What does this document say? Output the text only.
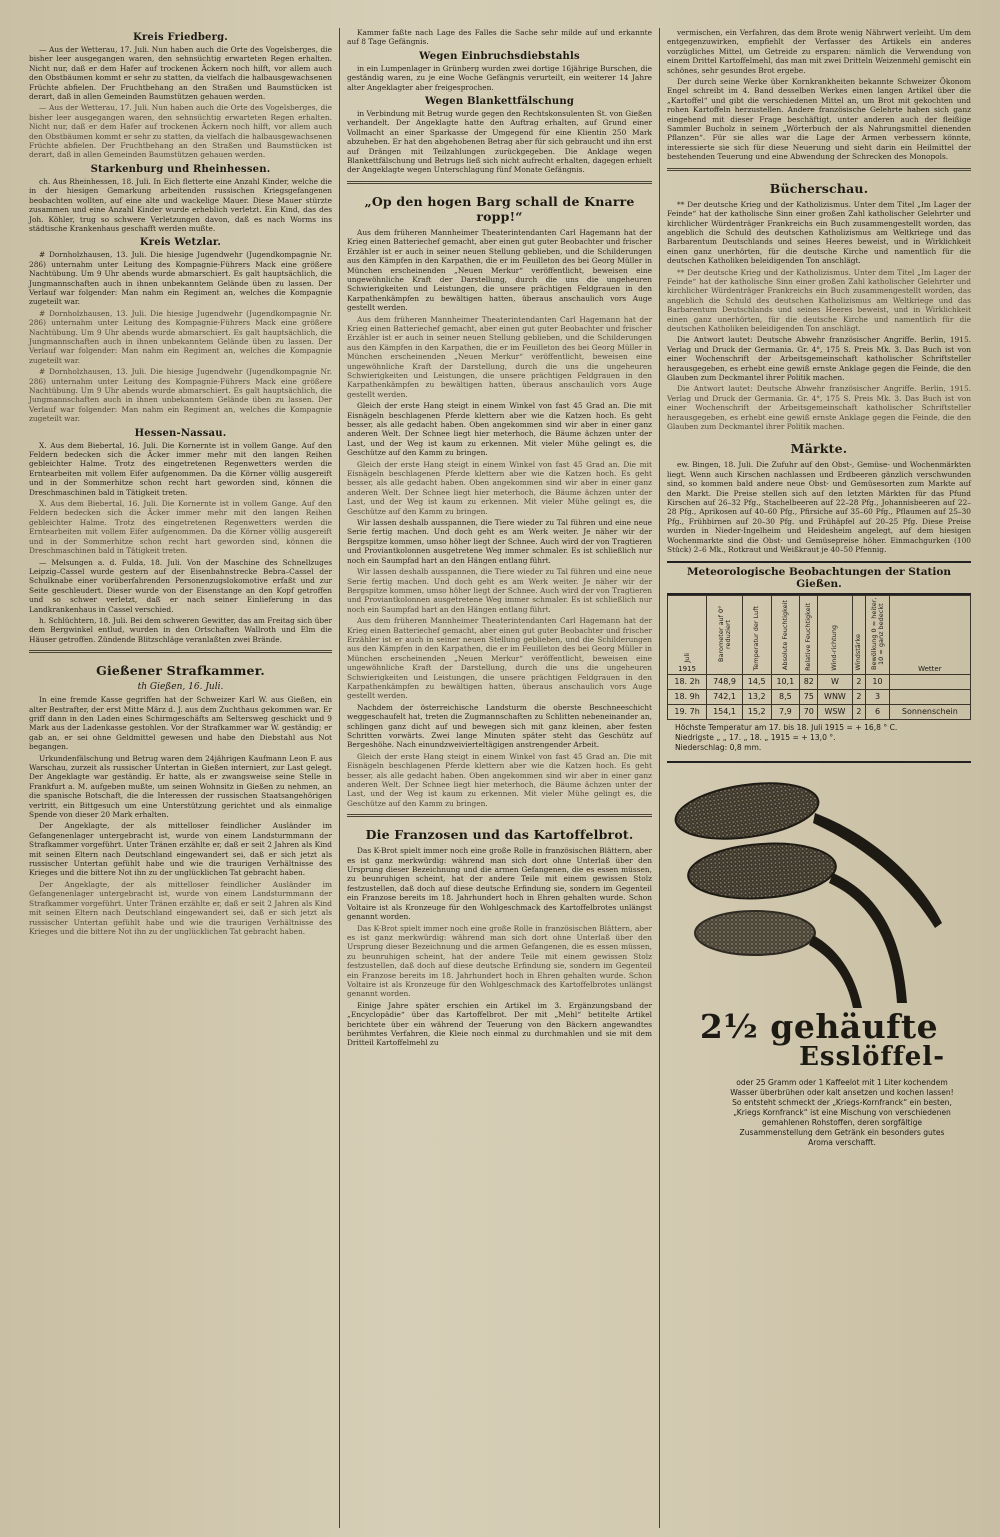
Kreis Friedberg.

— Aus der Wetterau, 17. Juli. Nun haben auch die Orte des Vogelsberges, die bisher leer ausgegangen waren, den sehnsüchtig erwarteten Regen erhalten. Nicht nur, daß er dem Hafer auf trockenen Äckern noch hilft, vor allem auch den Obstbäumen kommt er sehr zu statten, da vielfach die halbausgewachsenen Früchte abfielen. Der Fruchtbehang an den Straßen und Baumstücken ist derart, daß in allen Gemeinden Baumstützen gehauen werden.

— Aus der Wetterau, 17. Juli. Nun haben auch die Orte des Vogelsberges, die bisher leer ausgegangen waren, den sehnsüchtig erwarteten Regen erhalten. Nicht nur, daß er dem Hafer auf trockenen Äckern noch hilft, vor allem auch den Obstbäumen kommt er sehr zu statten, da vielfach die halbausgewachsenen Früchte abfielen. Der Fruchtbehang an den Straßen und Baumstücken ist derart, daß in allen Gemeinden Baumstützen gehauen werden.

Starkenburg und Rheinhessen.

ch. Aus Rheinhessen, 18. Juli. In Eich fletterte eine Anzahl Kinder, welche die in der hiesigen Gemarkung arbeitenden russischen Kriegsgefangenen beobachten wollten, auf eine alte und wackelige Mauer. Diese Mauer stürzte zusammen und eine Anzahl Kinder wurde erheblich verletzt. Ein Kind, das des Joh. Köhler, trug so schwere Verletzungen davon, daß es nach Worms ins städtische Krankenhaus geschafft werden mußte.

Kreis Wetzlar.

# Dornholzhausen, 13. Juli. Die hiesige Jugendwehr (Jugendkompagnie Nr. 286) unternahm unter Leitung des Kompagnie-Führers Mack eine größere Nachtübung. Um 9 Uhr abends wurde abmarschiert. Es galt hauptsächlich, die Jungmannschaften auch in ihnen unbekanntem Gelände üben zu lassen. Der Verlauf war folgender: Man nahm ein Regiment an, welches die Kompagnie zugeteilt war.

# Dornholzhausen, 13. Juli. Die hiesige Jugendwehr (Jugendkompagnie Nr. 286) unternahm unter Leitung des Kompagnie-Führers Mack eine größere Nachtübung. Um 9 Uhr abends wurde abmarschiert. Es galt hauptsächlich, die Jungmannschaften auch in ihnen unbekanntem Gelände üben zu lassen. Der Verlauf war folgender: Man nahm ein Regiment an, welches die Kompagnie zugeteilt war.

# Dornholzhausen, 13. Juli. Die hiesige Jugendwehr (Jugendkompagnie Nr. 286) unternahm unter Leitung des Kompagnie-Führers Mack eine größere Nachtübung. Um 9 Uhr abends wurde abmarschiert. Es galt hauptsächlich, die Jungmannschaften auch in ihnen unbekanntem Gelände üben zu lassen. Der Verlauf war folgender: Man nahm ein Regiment an, welches die Kompagnie zugeteilt war.

Hessen-Nassau.

X. Aus dem Biebertal, 16. Juli. Die Kornernte ist in vollem Gange. Auf den Feldern bedecken sich die Äcker immer mehr mit den langen Reihen gebleichter Halme. Trotz des eingetretenen Regenwetters werden die Erntearbeiten mit vollem Eifer aufgenommen. Da die Körner völlig ausgereift und in der Sommerhitze schon recht hart geworden sind, können die Dreschmaschinen bald in Tätigkeit treten.

X. Aus dem Biebertal, 16. Juli. Die Kornernte ist in vollem Gange. Auf den Feldern bedecken sich die Äcker immer mehr mit den langen Reihen gebleichter Halme. Trotz des eingetretenen Regenwetters werden die Erntearbeiten mit vollem Eifer aufgenommen. Da die Körner völlig ausgereift und in der Sommerhitze schon recht hart geworden sind, können die Dreschmaschinen bald in Tätigkeit treten.

— Melsungen a. d. Fulda, 18. Juli. Von der Maschine des Schnellzuges Leipzig–Cassel wurde gestern auf der Eisenbahnstrecke Bebra–Cassel der Schulknabe einer vorüberfahrenden Personenzugslokomotive erfaßt und zur Seite geschleudert. Dieser wurde von der Eisenstange an den Kopf getroffen und so schwer verletzt, daß er nach seiner Einlieferung in das Landkrankenhaus in Cassel verschied.

h. Schlüchtern, 18. Juli. Bei dem schweren Gewitter, das am Freitag sich über dem Bergwinkel entlud, wurden in den Ortschaften Wallroth und Elm die Häuser getroffen. Zündende Blitzschläge veranlaßten zwei Brände.

Gießener Strafkammer.
th Gießen, 16. Juli.

In eine fremde Kasse gegriffen hat der Schweizer Karl W. aus Gießen, ein alter Bestrafter, der erst Mitte März d. J. aus dem Zuchthaus gekommen war. Er griff dann in den Laden eines Schirmgeschäfts am Seltersweg geschickt und 9 Mark aus der Ladenkasse gestohlen. Vor der Strafkammer war W. geständig; er gab an, er sei ohne Geldmittel gewesen und habe den Diebstahl aus Not begangen.

Urkundenfälschung und Betrug waren dem 24jährigen Kaufmann Leon F. aus Warschau, zurzeit als russischer Untertan in Gießen interniert, zur Last gelegt. Der Angeklagte war geständig. Er hatte, als er zwangsweise seine Stelle in Frankfurt a. M. aufgeben mußte, um seinen Wohnsitz in Gießen zu nehmen, an die spanische Botschaft, die die Interessen der russischen Staatsangehörigen vertritt, ein Bittgesuch um eine Unterstützung gerichtet und als einmalige Spende von dieser 20 Mark erhalten.

Der Angeklagte, der als mittelloser feindlicher Ausländer im Gefangenenlager untergebracht ist, wurde von einem Landsturmmann der Strafkammer vorgeführt. Unter Tränen erzählte er, daß er seit 2 Jahren als Kind mit seinen Eltern nach Deutschland eingewandert sei, daß er sich jetzt als russischer Untertan gefühlt habe und wie die traurigen Verhältnisse des Krieges und die bittere Not ihn zu der unglücklichen Tat gebracht haben.

Der Angeklagte, der als mittelloser feindlicher Ausländer im Gefangenenlager untergebracht ist, wurde von einem Landsturmmann der Strafkammer vorgeführt. Unter Tränen erzählte er, daß er seit 2 Jahren als Kind mit seinen Eltern nach Deutschland eingewandert sei, daß er sich jetzt als russischer Untertan gefühlt habe und wie die traurigen Verhältnisse des Krieges und die bittere Not ihn zu der unglücklichen Tat gebracht haben.

Kammer faßte nach Lage des Falles die Sache sehr milde auf und erkannte auf 8 Tage Gefängnis.

Wegen Einbruchsdiebstahls

in ein Lumpenlager in Grünberg wurden zwei dortige 16jährige Burschen, die geständig waren, zu je eine Woche Gefängnis verurteilt, ein weiterer 14 Jahre alter Angeklagter aber freigesprochen.

Wegen Blankettfälschung

in Verbindung mit Betrug wurde gegen den Rechtskonsulenten St. von Gießen verhandelt. Der Angeklagte hatte den Auftrag erhalten, auf Grund einer Vollmacht an einer Sparkasse der Umgegend für eine Klientin 250 Mark abzuheben. Er hat den abgehobenen Betrag aber für sich gebraucht und ihn erst auf Drängen mit Teilzahlungen zurückgegeben. Die Anklage wegen Blankettfälschung und Betrugs ließ sich nicht aufrecht erhalten, dagegen erhielt der Angeklagte wegen Unterschlagung fünf Monate Gefängnis.

„Op den hogen Barg schall de Knarre ropp!“

Aus dem früheren Mannheimer Theaterintendanten Carl Hagemann hat der Krieg einen Batteriechef gemacht, aber einen gut guter Beobachter und frischer Erzähler ist er auch in seiner neuen Stellung geblieben, und die Schilderungen aus den Kämpfen in den Karpathen, die er im Feuilleton des bei Georg Müller in München erscheinenden „Neuen Merkur“ veröffentlicht, beweisen eine ungewöhnliche Kraft der Darstellung, durch die uns die ungeheuren Schwierigkeiten und Leistungen, die unsere prächtigen Feldgrauen in den Karpathenkämpfen zu bewältigen hatten, überaus anschaulich vors Auge gestellt werden.

Aus dem früheren Mannheimer Theaterintendanten Carl Hagemann hat der Krieg einen Batteriechef gemacht, aber einen gut guter Beobachter und frischer Erzähler ist er auch in seiner neuen Stellung geblieben, und die Schilderungen aus den Kämpfen in den Karpathen, die er im Feuilleton des bei Georg Müller in München erscheinenden „Neuen Merkur“ veröffentlicht, beweisen eine ungewöhnliche Kraft der Darstellung, durch die uns die ungeheuren Schwierigkeiten und Leistungen, die unsere prächtigen Feldgrauen in den Karpathenkämpfen zu bewältigen hatten, überaus anschaulich vors Auge gestellt werden.

Gleich der erste Hang steigt in einem Winkel von fast 45 Grad an. Die mit Eisnägeln beschlagenen Pferde klettern aber wie die Katzen hoch. Es geht besser, als alle gedacht haben. Oben angekommen sind wir aber in einer ganz anderen Welt. Der Schnee liegt hier meterhoch, die Bäume ächzen unter der Last, und der Weg ist kaum zu erkennen. Mit vieler Mühe gelingt es, die Geschütze auf den Kamm zu bringen.

Gleich der erste Hang steigt in einem Winkel von fast 45 Grad an. Die mit Eisnägeln beschlagenen Pferde klettern aber wie die Katzen hoch. Es geht besser, als alle gedacht haben. Oben angekommen sind wir aber in einer ganz anderen Welt. Der Schnee liegt hier meterhoch, die Bäume ächzen unter der Last, und der Weg ist kaum zu erkennen. Mit vieler Mühe gelingt es, die Geschütze auf den Kamm zu bringen.

Wir lassen deshalb ausspannen, die Tiere wieder zu Tal führen und eine neue Serie fertig machen. Und doch geht es am Werk weiter. Je näher wir der Bergspitze kommen, umso höher liegt der Schnee. Auch wird der von Tragtieren und Proviantkolonnen ausgetretene Weg immer schmaler. Es ist schließlich nur noch ein Saumpfad hart an den Hängen entlang führt.

Wir lassen deshalb ausspannen, die Tiere wieder zu Tal führen und eine neue Serie fertig machen. Und doch geht es am Werk weiter. Je näher wir der Bergspitze kommen, umso höher liegt der Schnee. Auch wird der von Tragtieren und Proviantkolonnen ausgetretene Weg immer schmaler. Es ist schließlich nur noch ein Saumpfad hart an den Hängen entlang führt.

Aus dem früheren Mannheimer Theaterintendanten Carl Hagemann hat der Krieg einen Batteriechef gemacht, aber einen gut guter Beobachter und frischer Erzähler ist er auch in seiner neuen Stellung geblieben, und die Schilderungen aus den Kämpfen in den Karpathen, die er im Feuilleton des bei Georg Müller in München erscheinenden „Neuen Merkur“ veröffentlicht, beweisen eine ungewöhnliche Kraft der Darstellung, durch die uns die ungeheuren Schwierigkeiten und Leistungen, die unsere prächtigen Feldgrauen in den Karpathenkämpfen zu bewältigen hatten, überaus anschaulich vors Auge gestellt werden.

Nachdem der österreichische Landsturm die oberste Beschneeschicht weggeschaufelt hat, treten die Zugmannschaften zu Schlitten nebeneinander an, schlingen ganz dicht auf und bewegen sich mit ganz kleinen, aber festen Schritten vorwärts. Zwei lange Minuten später steht das Geschütz auf Bergeshöhe. Nach einundzweivierteltägigen anstrengender Arbeit.

Gleich der erste Hang steigt in einem Winkel von fast 45 Grad an. Die mit Eisnägeln beschlagenen Pferde klettern aber wie die Katzen hoch. Es geht besser, als alle gedacht haben. Oben angekommen sind wir aber in einer ganz anderen Welt. Der Schnee liegt hier meterhoch, die Bäume ächzen unter der Last, und der Weg ist kaum zu erkennen. Mit vieler Mühe gelingt es, die Geschütze auf den Kamm zu bringen.

Die Franzosen und das Kartoffelbrot.

Das K-Brot spielt immer noch eine große Rolle in französischen Blättern, aber es ist ganz merkwürdig: während man sich dort ohne Unterlaß über den Ursprung dieser Bezeichnung und die armen Gefangenen, die es essen müssen, zu beunruhigen scheint, hat der andere Teile mit einem gewissen Stolz festzustellen, daß doch auf diese deutsche Erfindung sie, sondern im Gegenteil ein Franzose bereits im 18. Jahrhundert hoch in Ehren gehalten wurde. Schon Voltaire ist als Kronzeuge für den Wohlgeschmack des Kartoffelbrotes unlängst genannt worden.

Das K-Brot spielt immer noch eine große Rolle in französischen Blättern, aber es ist ganz merkwürdig: während man sich dort ohne Unterlaß über den Ursprung dieser Bezeichnung und die armen Gefangenen, die es essen müssen, zu beunruhigen scheint, hat der andere Teile mit einem gewissen Stolz festzustellen, daß doch auf diese deutsche Erfindung sie, sondern im Gegenteil ein Franzose bereits im 18. Jahrhundert hoch in Ehren gehalten wurde. Schon Voltaire ist als Kronzeuge für den Wohlgeschmack des Kartoffelbrotes unlängst genannt worden.

Einige Jahre später erschien ein Artikel im 3. Ergänzungsband der „Encyclopädie“ über das Kartoffelbrot. Der mit „Mehl“ betitelte Artikel berichtete über ein während der Teuerung von den Bäckern angewandtes berühmtes Verfahren, die Kleie noch einmal zu durchmahlen und sie mit dem Dritteil Kartoffelmehl zu

vermischen, ein Verfahren, das dem Brote wenig Nährwert verleiht. Um dem entgegenzuwirken, empfiehlt der Verfasser des Artikels ein anderes vorzügliches Mittel, um Getreide zu ersparen: nämlich die Verwendung von einem Drittel Kartoffelmehl, das man mit zwei Dritteln Weizenmehl gemischt ein schönes, sehr gesundes Brot ergebe.

Der durch seine Werke über Kornkrankheiten bekannte Schweizer Ökonom Engel schreibt im 4. Band desselben Werkes einen langen Artikel über die „Kartoffel“ und gibt die verschiedenen Mittel an, um Brot mit gekochten und rohen Kartoffeln herzustellen. Andere französische Gelehrte haben sich ganz eingehend mit dieser Frage beschäftigt, unter anderen auch der fleißige Sammler Bucholz in seinem „Wörterbuch der als Nahrungsmittel dienenden Pflanzen“. Für sie alles war die Lage der Armen verbessern könnte, interessierte sie sich für diese Neuerung und sieht darin ein Heilmittel der bestehenden Teuerung und eine Abwendung der Schrecken des Monopols.

Bücherschau.

** Der deutsche Krieg und der Katholizismus. Unter dem Titel „Im Lager der Feinde“ hat der katholische Sinn einer großen Zahl katholischer Gelehrter und kirchlicher Würdenträger Frankreichs ein Buch zusammengestellt worden, das angeblich die Schuld des deutschen Katholizismus am Weltkriege und das Barbarentum Deutschlands und seines Heeres beweist, und in Wirklichkeit einen ganz unerhörten, für die deutsche Kirche und namentlich für die deutschen Katholiken beleidigenden Ton anschlägt.

** Der deutsche Krieg und der Katholizismus. Unter dem Titel „Im Lager der Feinde“ hat der katholische Sinn einer großen Zahl katholischer Gelehrter und kirchlicher Würdenträger Frankreichs ein Buch zusammengestellt worden, das angeblich die Schuld des deutschen Katholizismus am Weltkriege und das Barbarentum Deutschlands und seines Heeres beweist, und in Wirklichkeit einen ganz unerhörten, für die deutsche Kirche und namentlich für die deutschen Katholiken beleidigenden Ton anschlägt.

Die Antwort lautet: Deutsche Abwehr französischer Angriffe. Berlin, 1915. Verlag und Druck der Germania. Gr. 4°, 175 S. Preis Mk. 3. Das Buch ist von einer Wochenschrift der Arbeitsgemeinschaft katholischer Schriftsteller herausgegeben, es erhebt eine gewiß ernste Anklage gegen die Feinde, die den Glauben zum Deckmantel ihrer Politik machen.

Die Antwort lautet: Deutsche Abwehr französischer Angriffe. Berlin, 1915. Verlag und Druck der Germania. Gr. 4°, 175 S. Preis Mk. 3. Das Buch ist von einer Wochenschrift der Arbeitsgemeinschaft katholischer Schriftsteller herausgegeben, es erhebt eine gewiß ernste Anklage gegen die Feinde, die den Glauben zum Deckmantel ihrer Politik machen.

Märkte.

ew. Bingen, 18. Juli. Die Zufuhr auf den Obst-, Gemüse- und Wochenmärkten liegt. Wenn auch Kirschen nachlassen und Erdbeeren gänzlich verschwunden sind, so kommen bald andere neue Obst- und Gemüsesorten zum Markte auf den Markt. Die Preise stellen sich auf den letzten Märkten für das Pfund Kirschen auf 26–32 Pfg., Stachelbeeren auf 22–28 Pfg., Johannisbeeren auf 22–28 Pfg., Aprikosen auf 40–60 Pfg., Pfirsiche auf 35–60 Pfg., Pflaumen auf 25–30 Pfg., Frühbirnen auf 20–30 Pfg. und Frühäpfel auf 20–25 Pfg. Diese Preise wurden in Nieder-Ingelheim und Heidesheim angelegt, auf dem hiesigen Wochenmarkte sind die Obst- und Gemüsepreise höher. Einmachgurken (100 Stück) 2–6 Mk., Rotkraut und Weißkraut je 40–50 Pfennig.

Meteorologische Beobachtungen der Station Gießen.
Juli
1915	Barometer auf 0° reduziert	Temperatur der Luft	Absolute Feuchtigkeit	Relative Feuchtigkeit	Wind-richtung	Windstärke	Bewölkung 0 = heiter, 10 = ganz bedeckt	Wetter
18. 2h	748,9	14,5	10,1	82	W	2	10	
18. 9h	742,1	13,2	8,5	75	WNW	2	3	
19. 7h	154,1	15,2	7,9	70	WSW	2	6	Sonnenschein
Höchste Temperatur am 17. bis 18. Juli 1915 = + 16,8 ° C.
Niedrigste „ „ 17. „ 18. „ 1915 = + 13,0 °.
Niederschlag: 0,8 mm.
2½ gehäufte
Esslöffel-
oder 25 Gramm oder 1 Kaffeelot mit 1 Liter kochendem Wasser überbrühen oder kalt ansetzen und kochen lassen! So entsteht schmeckt der „Kriegs-Kornfranck“ ein besten, „Kriegs Kornfranck“ ist eine Mischung von verschiedenen gemahlenen Rohstoffen, deren sorgfältige Zusammenstellung dem Getränk ein besonders gutes Aroma verschafft.
